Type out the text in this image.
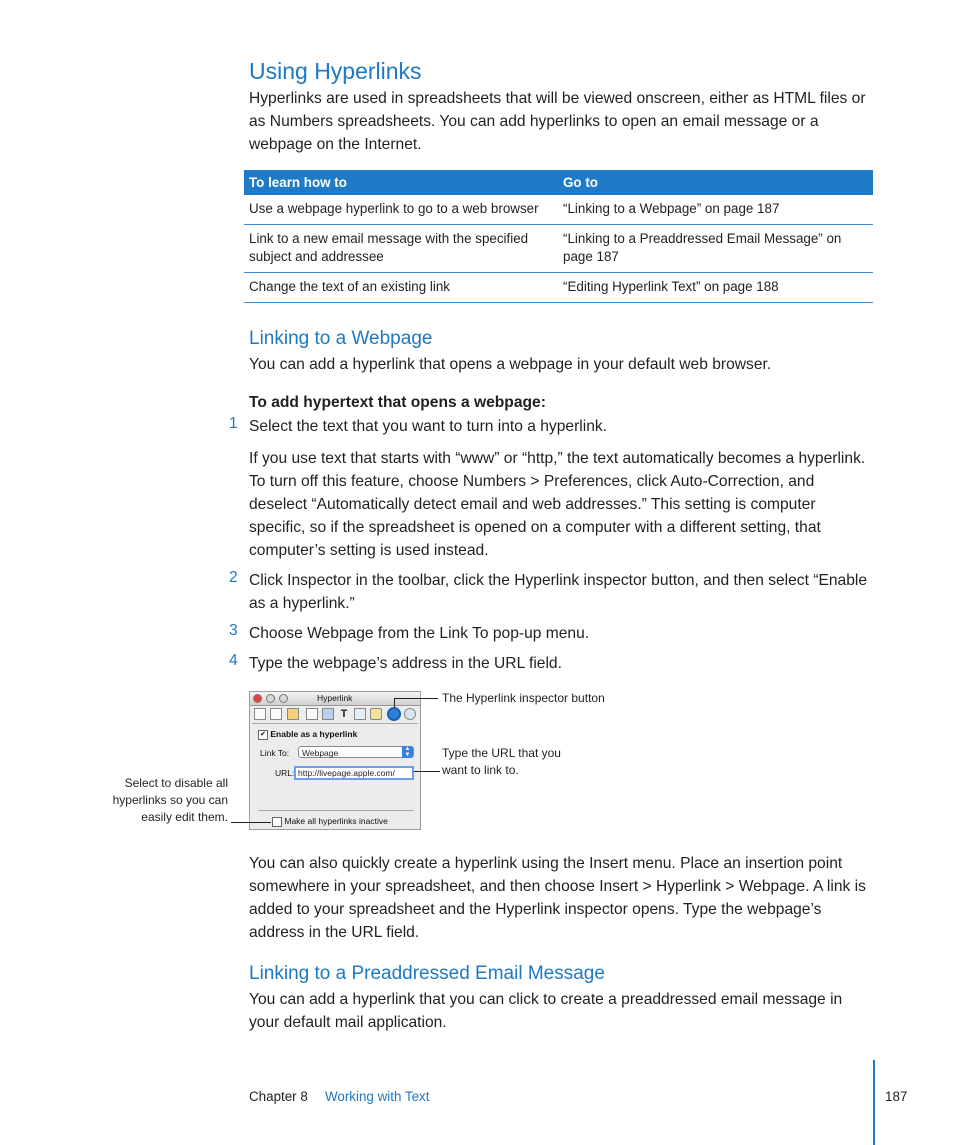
Using Hyperlinks
Hyperlinks are used in spreadsheets that will be viewed onscreen, either as HTML files or as Numbers spreadsheets. You can add hyperlinks to open an email message or a webpage on the Internet.
To learn how to	Go to
Use a webpage hyperlink to go to a web browser	“Linking to a Webpage” on page 187
Link to a new email message with the specified subject and addressee	“Linking to a Preaddressed Email Message” on page 187
Change the text of an existing link	“Editing Hyperlink Text” on page 188
Linking to a Webpage
You can add a hyperlink that opens a webpage in your default web browser.
To add hypertext that opens a webpage:
1 Select the text that you want to turn into a hyperlink.
If you use text that starts with “www” or “http,” the text automatically becomes a hyperlink. To turn off this feature, choose Numbers > Preferences, click Auto-Correction, and deselect “Automatically detect email and web addresses.” This setting is computer specific, so if the spreadsheet is opened on a computer with a different setting, that computer’s setting is used instead.
2 Click Inspector in the toolbar, click the Hyperlink inspector button, and then select “Enable as a hyperlink.”
3 Choose Webpage from the Link To pop-up menu.
4 Type the webpage’s address in the URL field.
Hyperlink
T
✔ Enable as a hyperlink
Link To:	Webpage	▲
▼
URL: http://livepage.apple.com/
Make all hyperlinks inactive
The Hyperlink inspector button
Type the URL that you want to link to.
Select to disable all hyperlinks so you can easily edit them.
You can also quickly create a hyperlink using the Insert menu. Place an insertion point somewhere in your spreadsheet, and then choose Insert > Hyperlink > Webpage. A link is added to your spreadsheet and the Hyperlink inspector opens. Type the webpage’s address in the URL field.
Linking to a Preaddressed Email Message
You can add a hyperlink that you can click to create a preaddressed email message in your default mail application.
Chapter 8 Working with Text	187
